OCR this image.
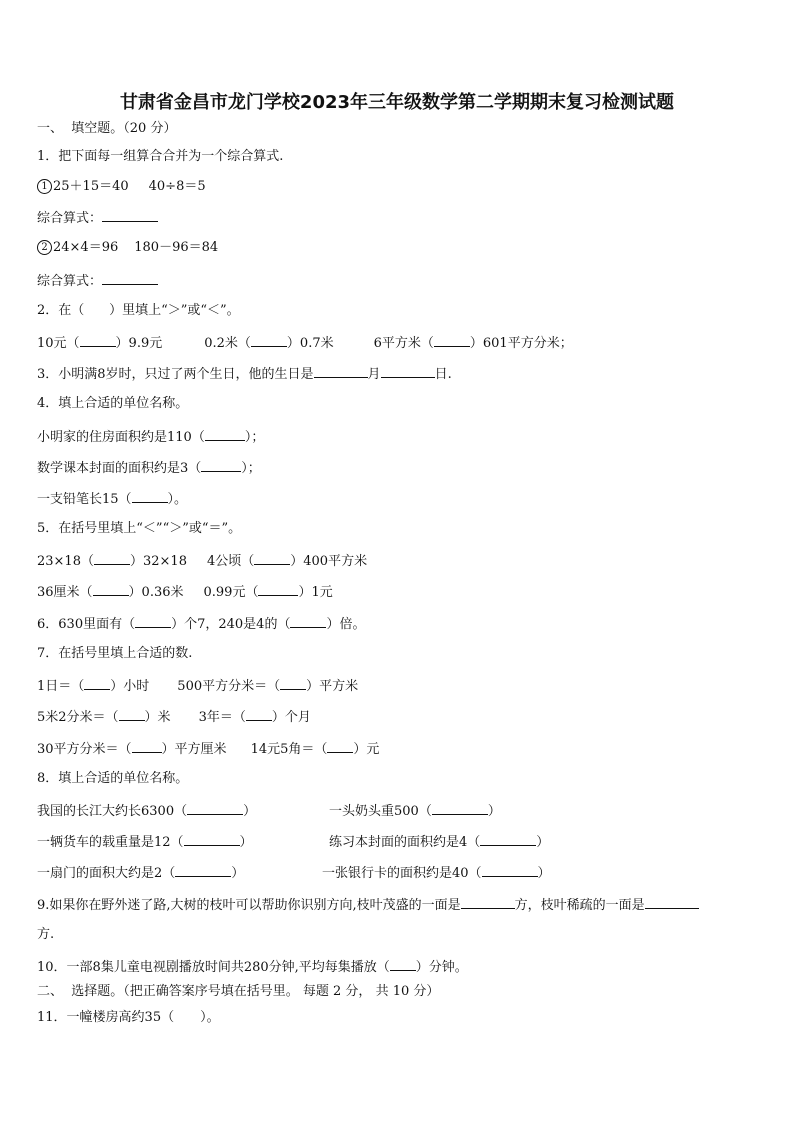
甘肃省金昌市龙门学校2023年三年级数学第二学期期末复习检测试题
一、  填空题。（20 分）
1．把下面每一组算合合并为一个综合算式.
1 25＋15＝40 40÷8＝5
综合算式：
2 24×4＝96 180－96＝84
综合算式：
2．在（      ）里填上“＞”或“＜”。
10元（	）9.9元	0.2米（	）0.7米	6平方米（	）601平方分米；
3．小明满8岁时，只过了两个生日，他的生日是	月	日.
4．填上合适的单位名称。
小明家的住房面积约是110（	）；
数学课本封面的面积约是3（	）；
一支铅笔长15（	）。
5．在括号里填上“＜”“＞”或“＝”。
23×18（	）32×18 4公顷（	）400平方米
36厘米（	）0.36米 0.99元（	）1元
6．630里面有（	）个7，240是4的（	）倍。
7．在括号里填上合适的数.
1日＝（ ）小时 500平方分米＝（ ）平方米
5米2分米＝（ ）米 3年＝（ ）个月
30平方分米＝（ ）平方厘米 14元5角＝（ ）元
8．填上合适的单位名称。
我国的长江大约长6300（	）	一头奶头重500（	）
一辆货车的载重量是12（	）	练习本封面的面积约是4（	）
一扇门的面积大约是2（	）	一张银行卡的面积约是40（	）
9.如果你在野外迷了路,大树的枝叶可以帮助你识别方向,枝叶茂盛的一面是	方，枝叶稀疏的一面是
方.
10．一部8集儿童电视剧播放时间共280分钟,平均每集播放（ ）分钟。
二、  选择题。（把正确答案序号填在括号里。 每题 2 分， 共 10 分）
11．一幢楼房高约35（ ）。
